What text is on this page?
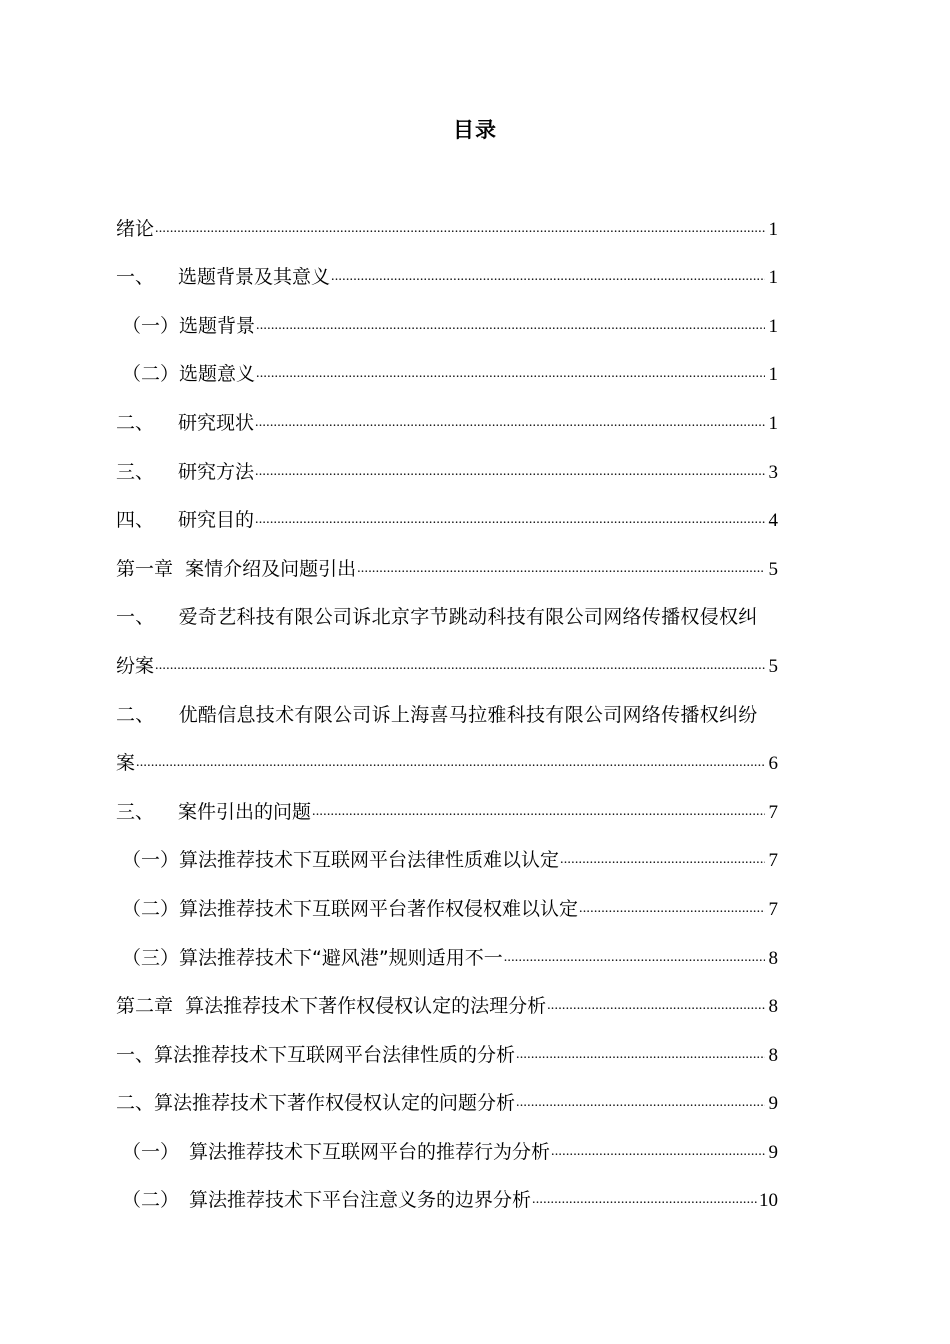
目录
绪论 .....	1
一、 选题背景及其意义 .....	1
（一）选题背景 .....	1
（二）选题意义 .....	1
二、 研究现状 .....	1
三、 研究方法 .....	3
四、 研究目的 .....	4
第一章  案情介绍及问题引出 .....	5
一、 爱奇艺科技有限公司诉北京字节跳动科技有限公司网络传播权侵权纠
纷案 .....	5
二、 优酷信息技术有限公司诉上海喜马拉雅科技有限公司网络传播权纠纷
案 .....	6
三、 案件引出的问题 .....	7
（一）算法推荐技术下互联网平台法律性质难以认定 .....	7
（二）算法推荐技术下互联网平台著作权侵权难以认定 .....	7
（三）算法推荐技术下“避风港”规则适用不一 .....	8
第二章  算法推荐技术下著作权侵权认定的法理分析 .....	8
一、算法推荐技术下互联网平台法律性质的分析 .....	8
二、算法推荐技术下著作权侵权认定的问题分析 .....	9
（一） 算法推荐技术下互联网平台的推荐行为分析 .....	9
（二） 算法推荐技术下平台注意义务的边界分析 .....	10
